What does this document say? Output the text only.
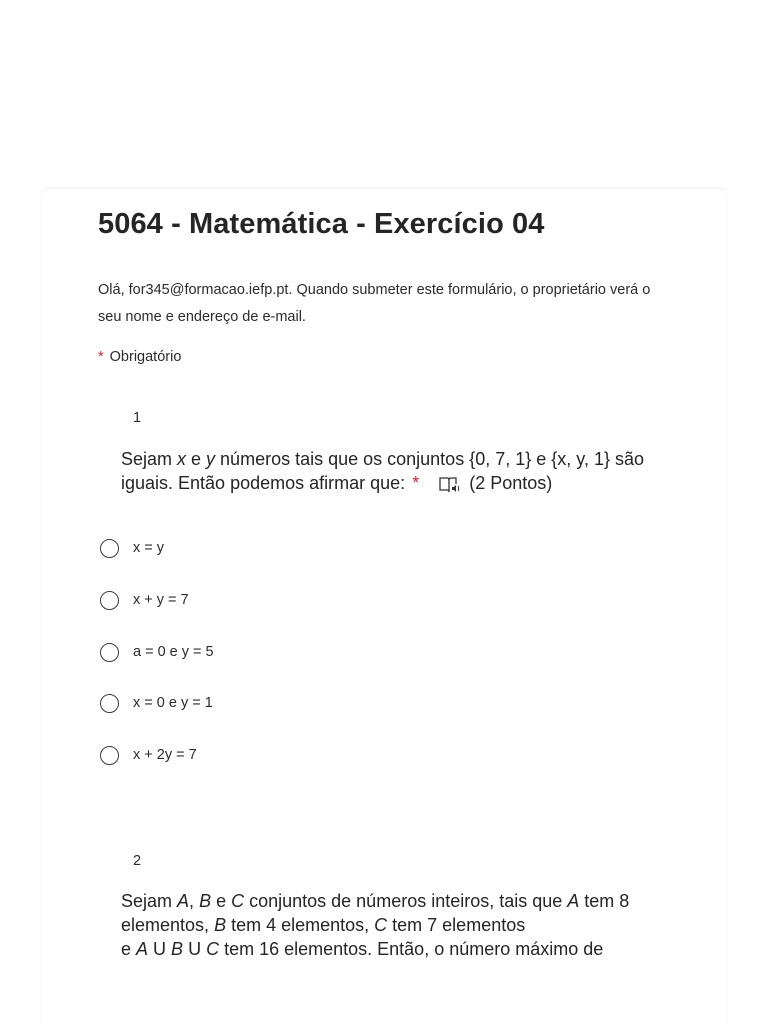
5064 - Matemática - Exercício 04
Olá, for345@formacao.iefp.pt. Quando submeter este formulário, o proprietário verá o seu nome e endereço de e-mail.
* Obrigatório
1
Sejam x e y números tais que os conjuntos {0, 7, 1} e {x, y, 1} são iguais. Então podemos afirmar que: *	(2 Pontos)
x = y
x + y = 7
a = 0 e y = 5
x = 0 e y = 1
x + 2y = 7
2
Sejam A, B e C conjuntos de números inteiros, tais que A tem 8 elementos, B tem 4 elementos, C tem 7 elementos
e A U B U C tem 16 elementos. Então, o número máximo de
